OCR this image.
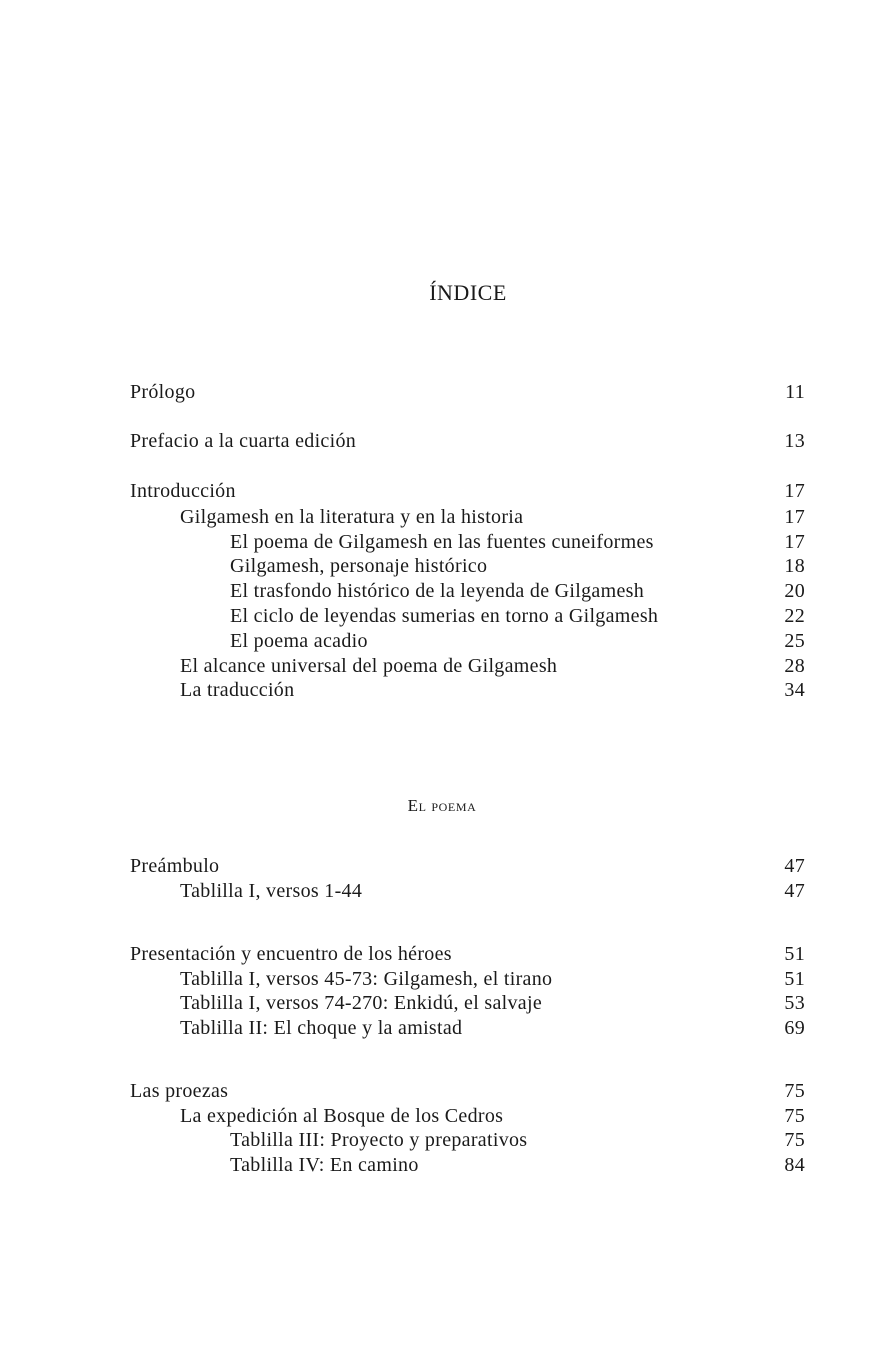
ÍNDICE
Prólogo	11
Prefacio a la cuarta edición	13
Introducción	17
Gilgamesh en la literatura y en la historia	17
El poema de Gilgamesh en las fuentes cuneiformes	17
Gilgamesh, personaje histórico	18
El trasfondo histórico de la leyenda de Gilgamesh	20
El ciclo de leyendas sumerias en torno a Gilgamesh	22
El poema acadio	25
El alcance universal del poema de Gilgamesh	28
La traducción	34
El poema
Preámbulo	47
Tablilla I, versos 1-44	47
Presentación y encuentro de los héroes	51
Tablilla I, versos 45-73: Gilgamesh, el tirano	51
Tablilla I, versos 74-270: Enkidú, el salvaje	53
Tablilla II: El choque y la amistad	69
Las proezas	75
La expedición al Bosque de los Cedros	75
Tablilla III: Proyecto y preparativos	75
Tablilla IV: En camino	84
